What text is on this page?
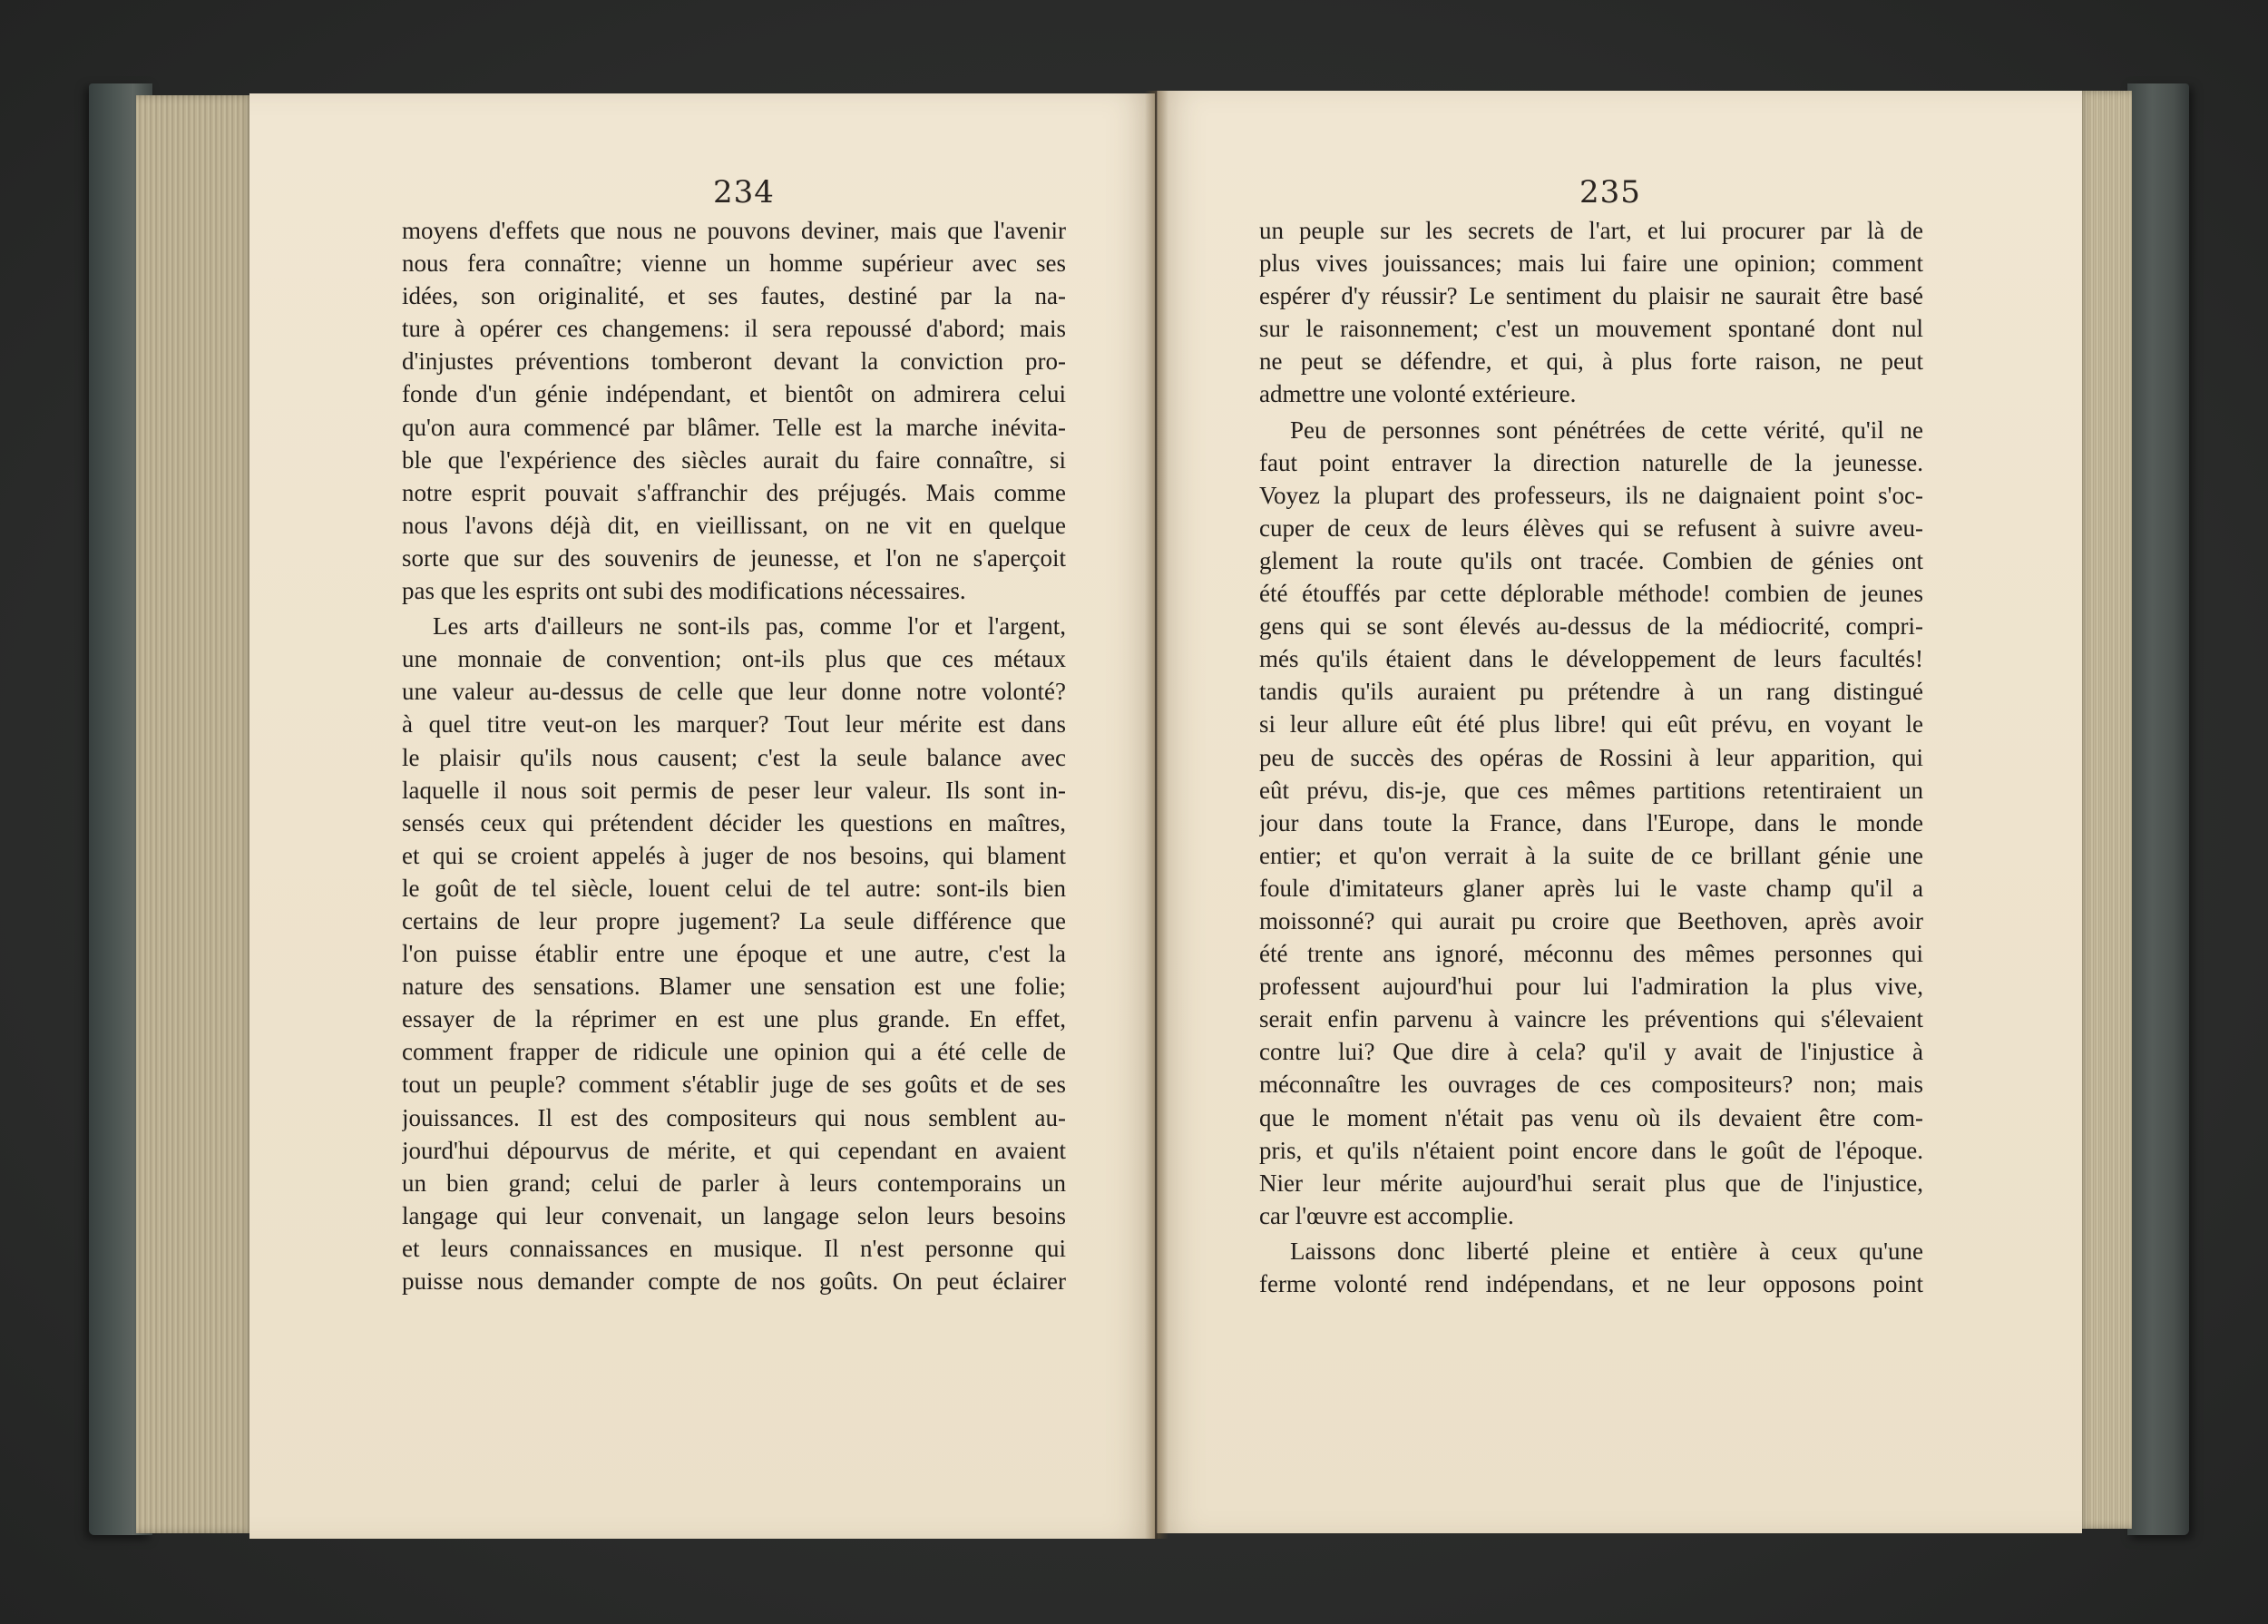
234	235
moyens d'effets que nous ne pouvons deviner, mais que l'avenir
nous fera connaître; vienne un homme supérieur avec ses
idées, son originalité, et ses fautes, destiné par la na-
ture à opérer ces changemens: il sera repoussé d'abord; mais
d'injustes préventions tomberont devant la conviction pro-
fonde d'un génie indépendant, et bientôt on admirera celui
qu'on aura commencé par blâmer. Telle est la marche inévita-
ble que l'expérience des siècles aurait du faire connaître, si
notre esprit pouvait s'affranchir des préjugés. Mais comme
nous l'avons déjà dit, en vieillissant, on ne vit en quelque
sorte que sur des souvenirs de jeunesse, et l'on ne s'aperçoit
pas que les esprits ont subi des modifications nécessaires.
Les arts d'ailleurs ne sont-ils pas, comme l'or et l'argent,
une monnaie de convention; ont-ils plus que ces métaux
une valeur au-dessus de celle que leur donne notre volonté?
à quel titre veut-on les marquer? Tout leur mérite est dans
le plaisir qu'ils nous causent; c'est la seule balance avec
laquelle il nous soit permis de peser leur valeur. Ils sont in-
sensés ceux qui prétendent décider les questions en maîtres,
et qui se croient appelés à juger de nos besoins, qui blament
le goût de tel siècle, louent celui de tel autre: sont-ils bien
certains de leur propre jugement? La seule différence que
l'on puisse établir entre une époque et une autre, c'est la
nature des sensations. Blamer une sensation est une folie;
essayer de la réprimer en est une plus grande. En effet,
comment frapper de ridicule une opinion qui a été celle de
tout un peuple? comment s'établir juge de ses goûts et de ses
jouissances. Il est des compositeurs qui nous semblent au-
jourd'hui dépourvus de mérite, et qui cependant en avaient
un bien grand; celui de parler à leurs contemporains un
langage qui leur convenait, un langage selon leurs besoins
et leurs connaissances en musique. Il n'est personne qui
puisse nous demander compte de nos goûts. On peut éclairer
un peuple sur les secrets de l'art, et lui procurer par là de
plus vives jouissances; mais lui faire une opinion; comment
espérer d'y réussir? Le sentiment du plaisir ne saurait être basé
sur le raisonnement; c'est un mouvement spontané dont nul
ne peut se défendre, et qui, à plus forte raison, ne peut
admettre une volonté extérieure.
Peu de personnes sont pénétrées de cette vérité, qu'il ne
faut point entraver la direction naturelle de la jeunesse.
Voyez la plupart des professeurs, ils ne daignaient point s'oc-
cuper de ceux de leurs élèves qui se refusent à suivre aveu-
glement la route qu'ils ont tracée. Combien de génies ont
été étouffés par cette déplorable méthode! combien de jeunes
gens qui se sont élevés au-dessus de la médiocrité, compri-
més qu'ils étaient dans le développement de leurs facultés!
tandis qu'ils auraient pu prétendre à un rang distingué
si leur allure eût été plus libre! qui eût prévu, en voyant le
peu de succès des opéras de Rossini à leur apparition, qui
eût prévu, dis-je, que ces mêmes partitions retentiraient un
jour dans toute la France, dans l'Europe, dans le monde
entier; et qu'on verrait à la suite de ce brillant génie une
foule d'imitateurs glaner après lui le vaste champ qu'il a
moissonné? qui aurait pu croire que Beethoven, après avoir
été trente ans ignoré, méconnu des mêmes personnes qui
professent aujourd'hui pour lui l'admiration la plus vive,
serait enfin parvenu à vaincre les préventions qui s'élevaient
contre lui? Que dire à cela? qu'il y avait de l'injustice à
méconnaître les ouvrages de ces compositeurs? non; mais
que le moment n'était pas venu où ils devaient être com-
pris, et qu'ils n'étaient point encore dans le goût de l'époque.
Nier leur mérite aujourd'hui serait plus que de l'injustice,
car l'œuvre est accomplie.
Laissons donc liberté pleine et entière à ceux qu'une
ferme volonté rend indépendans, et ne leur opposons point
